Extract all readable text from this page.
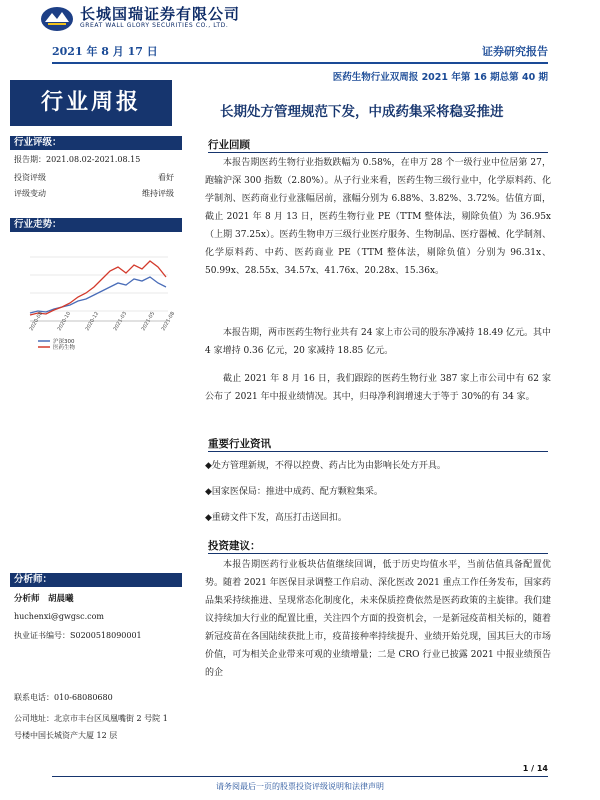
长城国瑞证券有限公司
GREAT WALL GLORY SECURITIES CO., LTD.
2021 年 8 月 17 日	证券研究报告
医药生物行业双周报 2021 年第 16 期总第 40 期
行业周报
行业评级：
报告期：2021.08.02-2021.08.15
投资评级	看好
评级变动	维持评级
行业走势：
2020-08 2020-10 2020-12 2021-03 2021-05 2021-08
沪深300
医药生物
分析师：
分析师　胡晨曦
huchenxi@gwgsc.com
执业证书编号：S0200518090001
联系电话：010-68080680
公司地址：北京市丰台区凤凰嘴街 2 号院 1 号楼中国长城资产大厦 12 层
长期处方管理规范下发，中成药集采将稳妥推进
行业回顾
本报告期医药生物行业指数跌幅为 0.58%，在申万 28 个一级行业中位居第 27，跑输沪深 300 指数（2.80%）。从子行业来看，医药生物三级行业中，化学原料药、化学制剂、医药商业行业涨幅居前，涨幅分别为 6.88%、3.82%、3.72%。估值方面，截止 2021 年 8 月 13 日，医药生物行业 PE（TTM 整体法，剔除负值）为 36.95x（上期 37.25x）。医药生物申万三级行业医疗服务、生物制品、医疗器械、化学制剂、化学原料药、中药、医药商业 PE（TTM 整体法，剔除负值）分别为 96.31x、50.99x、28.55x、34.57x、41.76x、20.28x、15.36x。
本报告期，两市医药生物行业共有 24 家上市公司的股东净减持 18.49 亿元。其中 4 家增持 0.36 亿元，20 家减持 18.85 亿元。
截止 2021 年 8 月 16 日，我们跟踪的医药生物行业 387 家上市公司中有 62 家公布了 2021 年中报业绩情况。其中，归母净利润增速大于等于 30%的有 34 家。
重要行业资讯
◆处方管理新规，不得以控费、药占比为由影响长处方开具。
◆国家医保局：推进中成药、配方颗粒集采。
◆重磅文件下发，高压打击送回扣。
投资建议：
本报告期医药行业板块估值继续回调，低于历史均值水平，当前估值具备配置优势。随着 2021 年医保目录调整工作启动、深化医改 2021 重点工作任务发布，国家药品集采持续推进、呈现常态化制度化，未来保质控费依然是医药政策的主旋律。我们建议持续加大行业的配置比重，关注四个方面的投资机会，一是新冠疫苗相关标的，随着新冠疫苗在各国陆续获批上市，疫苗接种率持续提升、业绩开始兑现，国其巨大的市场价值，可为相关企业带来可观的业绩增量；二是 CRO 行业已披露 2021 中报业绩预告的企
1 / 14
请务阅最后一页的股票投资评级说明和法律声明
